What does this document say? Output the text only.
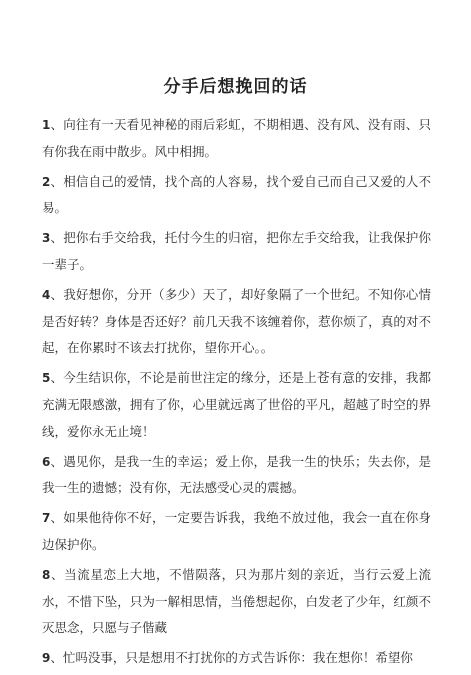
分手后想挽回的话

1、向往有一天看见神秘的雨后彩虹，不期相遇、没有风、没有雨、只有你我在雨中散步。风中相拥。

2、相信自己的爱情，找个高的人容易，找个爱自己而自己又爱的人不易。

3、把你右手交给我，托付今生的归宿，把你左手交给我，让我保护你一辈子。

4、我好想你，分开（多少）天了，却好象隔了一个世纪。不知你心情是否好转？身体是否还好？前几天我不该缠着你，惹你烦了，真的对不起，在你累时不该去打扰你，望你开心。。

5、今生结识你，不论是前世注定的缘分，还是上苍有意的安排，我都充满无限感激，拥有了你，心里就远离了世俗的平凡，超越了时空的界线，爱你永无止境！

6、遇见你，是我一生的幸运；爱上你，是我一生的快乐；失去你，是我一生的遗憾；没有你，无法感受心灵的震撼。

7、如果他待你不好，一定要告诉我，我绝不放过他，我会一直在你身边保护你。

8、当流星恋上大地，不惜陨落，只为那片刻的亲近，当行云爱上流水，不惜下坠，只为一解相思情，当倦想起你，白发老了少年，红颜不灭思念，只愿与子偕藏

9、忙吗没事，只是想用不打扰你的方式告诉你：我在想你！希望你
